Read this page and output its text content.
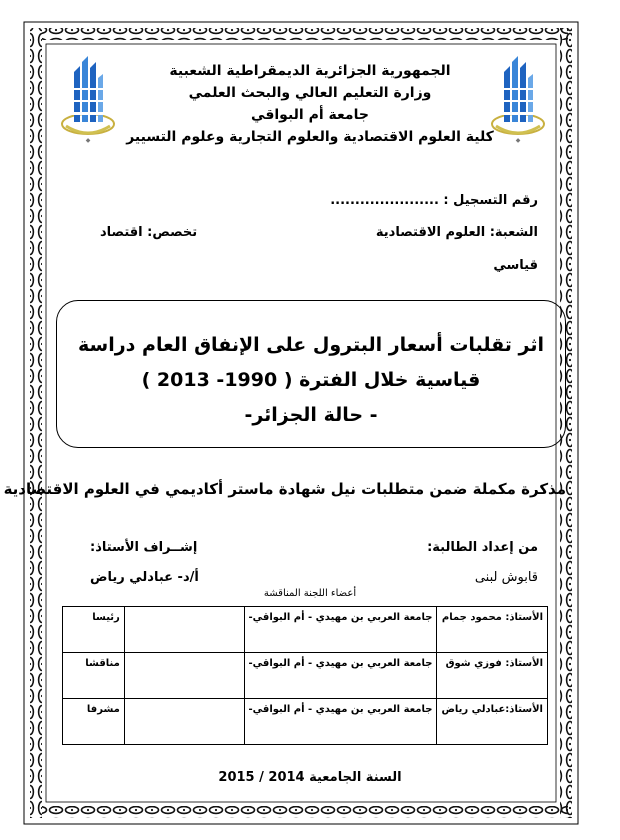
◆	◆
الجمهورية الجزائرية الديمقراطية الشعبية
وزارة التعليم العالي والبحث العلمي
جامعة أم البواقي
كلية العلوم الاقتصادية والعلوم التجارية وعلوم التسيير
رقم التسجيل : ......................
الشعبة: العلوم الاقتصادية
تخصص: اقتصاد
قياسي
اثر تقلبات أسعار البترول على الإنفاق العام دراسة
قياسية خلال الفترة ( 1990- 2013 )
- حالة الجزائر-
مذكرة مكملة ضمن متطلبات نيل شهادة ماستر أكاديمي في العلوم الاقتصادية
من إعداد الطالبة:
قابوش لبنى
إشــراف الأستاذ:
أ/د- عبادلي رياض
أعضاء اللجنة المناقشة
الأستاذ: محمود جمام	جامعة العربي بن مهيدي - أم البواقي-		رئيسا
الأستاذ: فوزي شوق	جامعة العربي بن مهيدي - أم البواقي-		مناقشا
الأستاذ:عبادلي رياض	جامعة العربي بن مهيدي - أم البواقي-		مشرفا
السنة الجامعية 2014 / 2015
